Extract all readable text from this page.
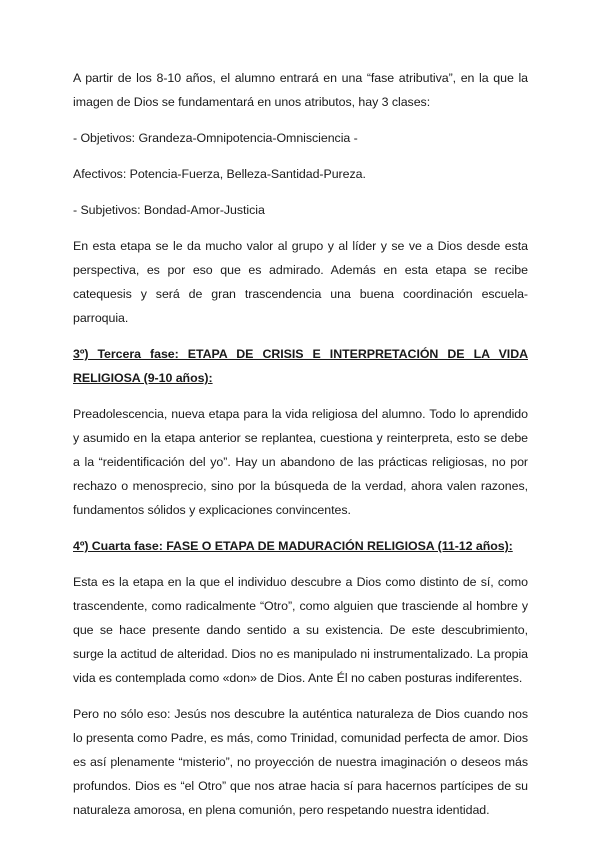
A partir de los 8-10 años, el alumno entrará en una “fase atributiva”, en la que la imagen de Dios se fundamentará en unos atributos, hay 3 clases:

- Objetivos: Grandeza-Omnipotencia-Omnisciencia -

Afectivos: Potencia-Fuerza, Belleza-Santidad-Pureza.

- Subjetivos: Bondad-Amor-Justicia

En esta etapa se le da mucho valor al grupo y al líder y se ve a Dios desde esta perspectiva, es por eso que es admirado. Además en esta etapa se recibe catequesis y será de gran trascendencia una buena coordinación escuela-parroquia.

3º) Tercera fase: ETAPA DE CRISIS E INTERPRETACIÓN DE LA VIDA RELIGIOSA (9-10 años):

Preadolescencia, nueva etapa para la vida religiosa del alumno. Todo lo aprendido y asumido en la etapa anterior se replantea, cuestiona y reinterpreta, esto se debe a la “reidentificación del yo”. Hay un abandono de las prácticas religiosas, no por rechazo o menosprecio, sino por la búsqueda de la verdad, ahora valen razones, fundamentos sólidos y explicaciones convincentes.

4º) Cuarta fase: FASE O ETAPA DE MADURACIÓN RELIGIOSA (11-12 años):

Esta es la etapa en la que el individuo descubre a Dios como distinto de sí, como trascendente, como radicalmente “Otro”, como alguien que trasciende al hombre y que se hace presente dando sentido a su existencia. De este descubrimiento, surge la actitud de alteridad. Dios no es manipulado ni instrumentalizado. La propia vida es contemplada como «don» de Dios. Ante Él no caben posturas indiferentes.

Pero no sólo eso: Jesús nos descubre la auténtica naturaleza de Dios cuando nos lo presenta como Padre, es más, como Trinidad, comunidad perfecta de amor. Dios es así plenamente “misterio”, no proyección de nuestra imaginación o deseos más profundos. Dios es “el Otro” que nos atrae hacia sí para hacernos partícipes de su naturaleza amorosa, en plena comunión, pero respetando nuestra identidad.
